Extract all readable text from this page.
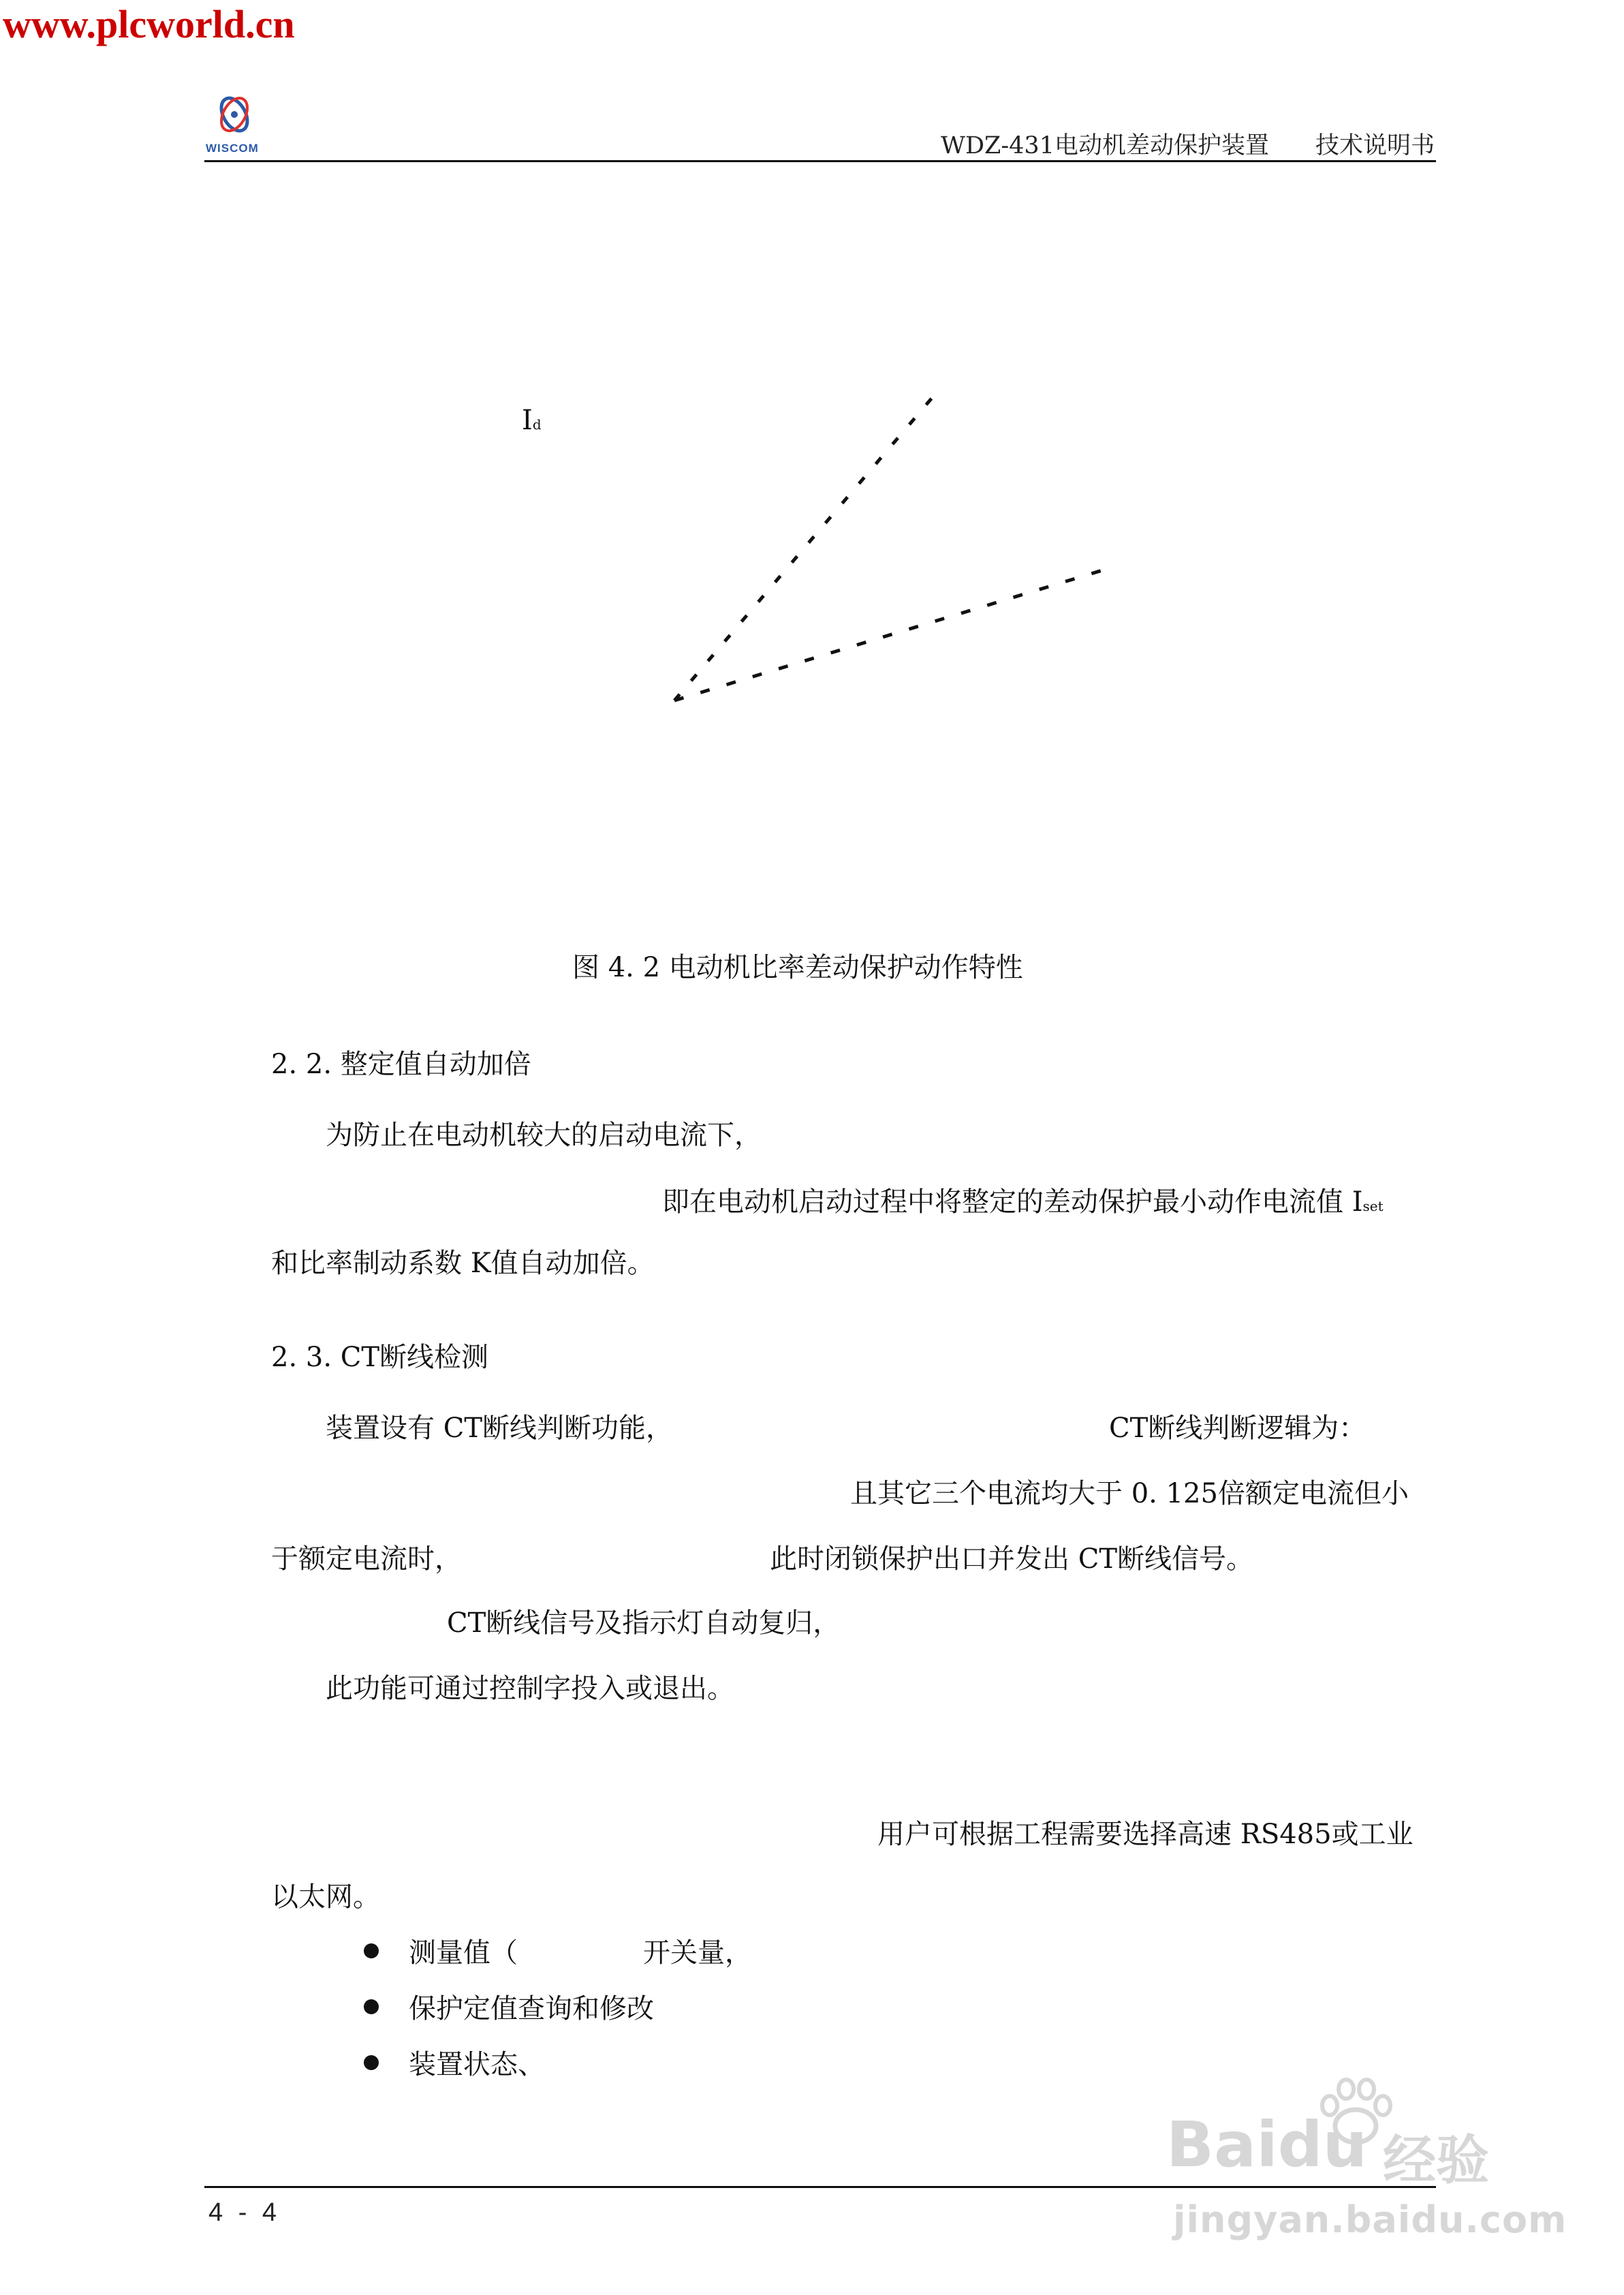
www.plcworld.cn
WISCOM	WDZ-431电动机差动保护装置 技术说明书
Id
图 4. 2 电动机比率差动保护动作特性
2. 2. 整定值自动加倍
为防止在电动机较大的启动电流下，
即在电动机启动过程中将整定的差动保护最小动作电流值 Iset
和比率制动系数 K值自动加倍。
2. 3. CT断线检测
装置设有 CT断线判断功能，	CT断线判断逻辑为：
且其它三个电流均大于 0. 125倍额定电流但小
于额定电流时，	此时闭锁保护出口并发出 CT断线信号。
CT断线信号及指示灯自动复归，
此功能可通过控制字投入或退出。
用户可根据工程需要选择高速 RS485或工业
以太网。
测量值（	开关量，
保护定值查询和修改
装置状态、
4 - 4
Baidu 经验
jingyan.baidu.com
